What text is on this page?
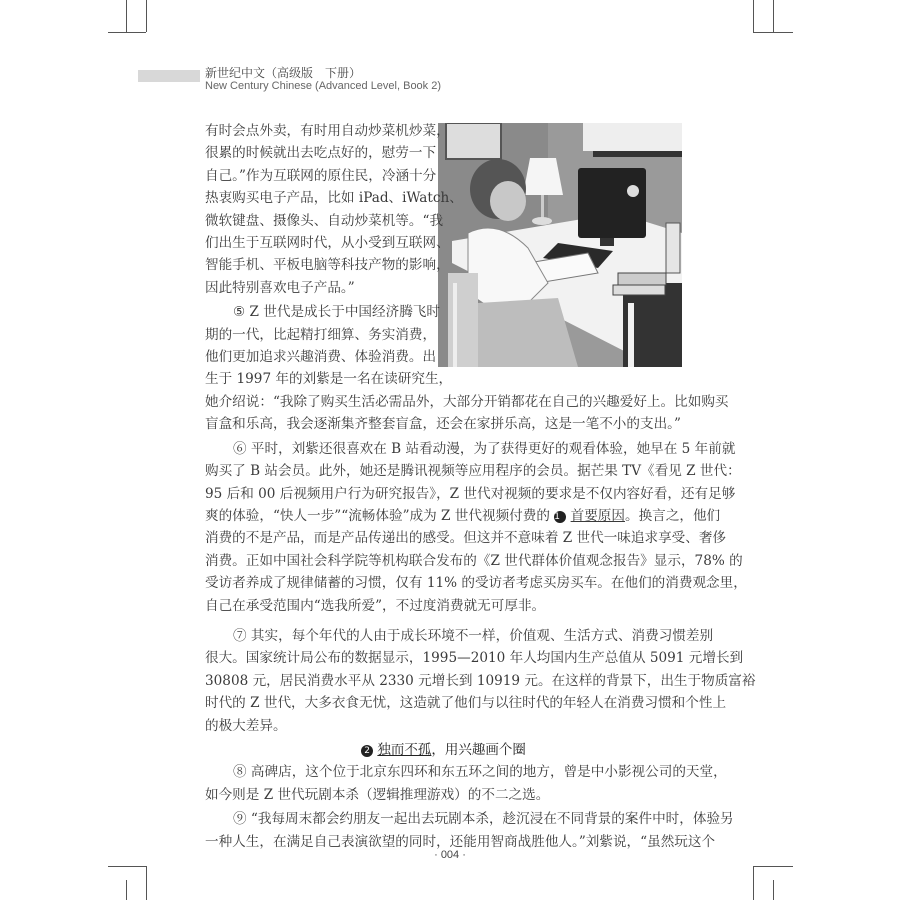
新世纪中文（高级版　下册）
New Century Chinese (Advanced Level, Book 2)
有时会点外卖，有时用自动炒菜机炒菜，
很累的时候就出去吃点好的，慰劳一下
自己。”作为互联网的原住民，冷涵十分
热衷购买电子产品，比如 iPad、iWatch、
微软键盘、摄像头、自动炒菜机等。“我
们出生于互联网时代，从小受到互联网、
智能手机、平板电脑等科技产物的影响，
因此特别喜欢电子产品。”
⑤ Z 世代是成长于中国经济腾飞时
期的一代，比起精打细算、务实消费，
他们更加追求兴趣消费、体验消费。出
生于 1997 年的刘紫是一名在读研究生，
她介绍说：“我除了购买生活必需品外，大部分开销都花在自己的兴趣爱好上。比如购买
盲盒和乐高，我会逐渐集齐整套盲盒，还会在家拼乐高，这是一笔不小的支出。”
⑥ 平时，刘紫还很喜欢在 B 站看动漫，为了获得更好的观看体验，她早在 5 年前就
购买了 B 站会员。此外，她还是腾讯视频等应用程序的会员。据芒果 TV《看见 Z 世代：
95 后和 00 后视频用户行为研究报告》，Z 世代对视频的要求是不仅内容好看，还有足够
爽的体验，“快人一步”“流畅体验”成为 Z 世代视频付费的 1 首要原因。换言之，他们
消费的不是产品，而是产品传递出的感受。但这并不意味着 Z 世代一味追求享受、奢侈
消费。正如中国社会科学院等机构联合发布的《Z 世代群体价值观念报告》显示，78% 的
受访者养成了规律储蓄的习惯，仅有 11% 的受访者考虑买房买车。在他们的消费观念里，
自己在承受范围内“选我所爱”，不过度消费就无可厚非。
⑦ 其实，每个年代的人由于成长环境不一样，价值观、生活方式、消费习惯差别
很大。国家统计局公布的数据显示，1995—2010 年人均国内生产总值从 5091 元增长到
30808 元，居民消费水平从 2330 元增长到 10919 元。在这样的背景下，出生于物质富裕
时代的 Z 世代，大多衣食无忧，这造就了他们与以往时代的年轻人在消费习惯和个性上
的极大差异。
2 独而不孤，用兴趣画个圈
⑧ 高碑店，这个位于北京东四环和东五环之间的地方，曾是中小影视公司的天堂，
如今则是 Z 世代玩剧本杀（逻辑推理游戏）的不二之选。
⑨ “我每周末都会约朋友一起出去玩剧本杀，趁沉浸在不同背景的案件中时，体验另
一种人生，在满足自己表演欲望的同时，还能用智商战胜他人。”刘紫说，“虽然玩这个
· 004 ·
